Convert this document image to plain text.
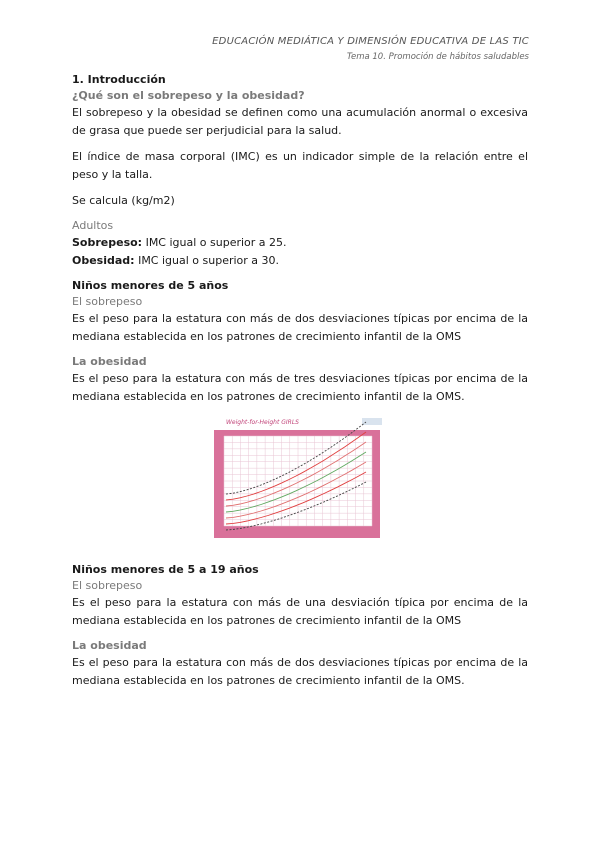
EDUCACIÓN MEDIÁTICA Y DIMENSIÓN EDUCATIVA DE LAS TIC
Tema 10. Promoción de hábitos saludables
1. Introducción
¿Qué son el sobrepeso y la obesidad?

El sobrepeso y la obesidad se definen como una acumulación anormal o excesiva de grasa que puede ser perjudicial para la salud.

El índice de masa corporal (IMC) es un indicador simple de la relación entre el peso y la talla.

Se calcula (kg/m2)

Adultos

Sobrepeso: IMC igual o superior a 25.

Obesidad: IMC igual o superior a 30.

Niños menores de 5 años
El sobrepeso

Es el peso para la estatura con más de dos desviaciones típicas por encima de la mediana establecida en los patrones de crecimiento infantil de la OMS

La obesidad

Es el peso para la estatura con más de tres desviaciones típicas por encima de la mediana establecida en los patrones de crecimiento infantil de la OMS.

Weight-for-Height GIRLS
Niños menores de 5 a 19 años
El sobrepeso

Es el peso para la estatura con más de una desviación típica por encima de la mediana establecida en los patrones de crecimiento infantil de la OMS

La obesidad

Es el peso para la estatura con más de dos desviaciones típicas por encima de la mediana establecida en los patrones de crecimiento infantil de la OMS.
